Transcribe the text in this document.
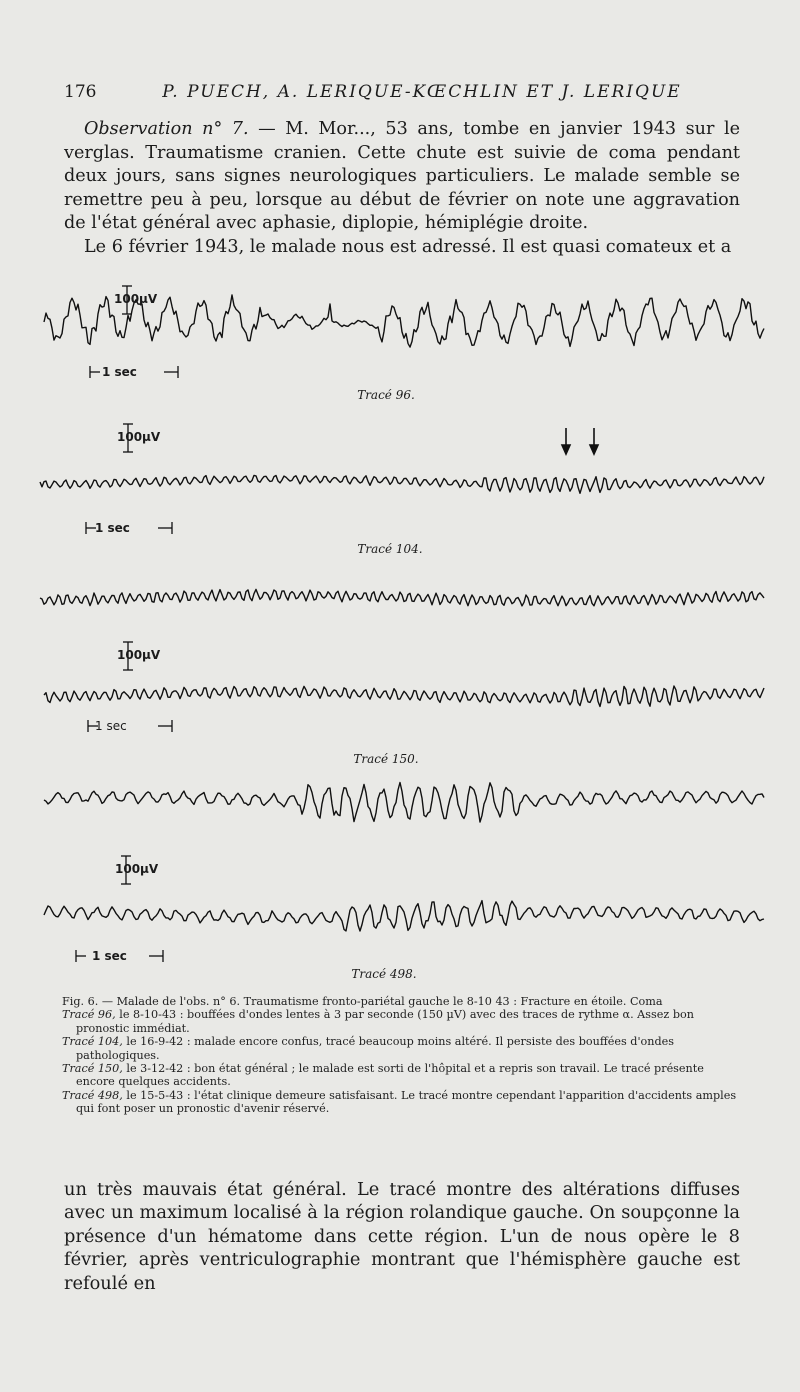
176	P. PUECH, A. LERIQUE-KŒCHLIN ET J. LERIQUE
Observation n° 7. — M. Mor..., 53 ans, tombe en janvier 1943 sur le verglas. Traumatisme cranien. Cette chute est suivie de coma pendant deux jours, sans signes neurologiques particuliers. Le malade semble se remettre peu à peu, lorsque au début de février on note une aggravation de l'état général avec aphasie, diplopie, hémiplégie droite.
Le 6 février 1943, le malade nous est adressé. Il est quasi comateux et a
100µV
100µV
100µV
100µV
1 sec
1 sec
1 sec
1 sec
Tracé 96.
Tracé 104.
Tracé 150.
Tracé 498.

Fig. 6. — Malade de l'obs. n° 6. Traumatisme fronto-pariétal gauche le 8-10 43 : Fracture en étoile. Coma

Tracé 96, le 8-10-43 : bouffées d'ondes lentes à 3 par seconde (150 µV) avec des traces de rythme α. Assez bon pronostic immédiat.

Tracé 104, le 16-9-42 : malade encore confus, tracé beaucoup moins altéré. Il persiste des bouffées d'ondes pathologiques.

Tracé 150, le 3-12-42 : bon état général ; le malade est sorti de l'hôpital et a repris son travail. Le tracé présente encore quelques accidents.

Tracé 498, le 15-5-43 : l'état clinique demeure satisfaisant. Le tracé montre cependant l'apparition d'accidents amples qui font poser un pronostic d'avenir réservé.

un très mauvais état général. Le tracé montre des altérations diffuses avec un maximum localisé à la région rolandique gauche. On soupçonne la présence d'un hématome dans cette région. L'un de nous opère le 8 février, après ventriculographie montrant que l'hémisphère gauche est refoulé en
